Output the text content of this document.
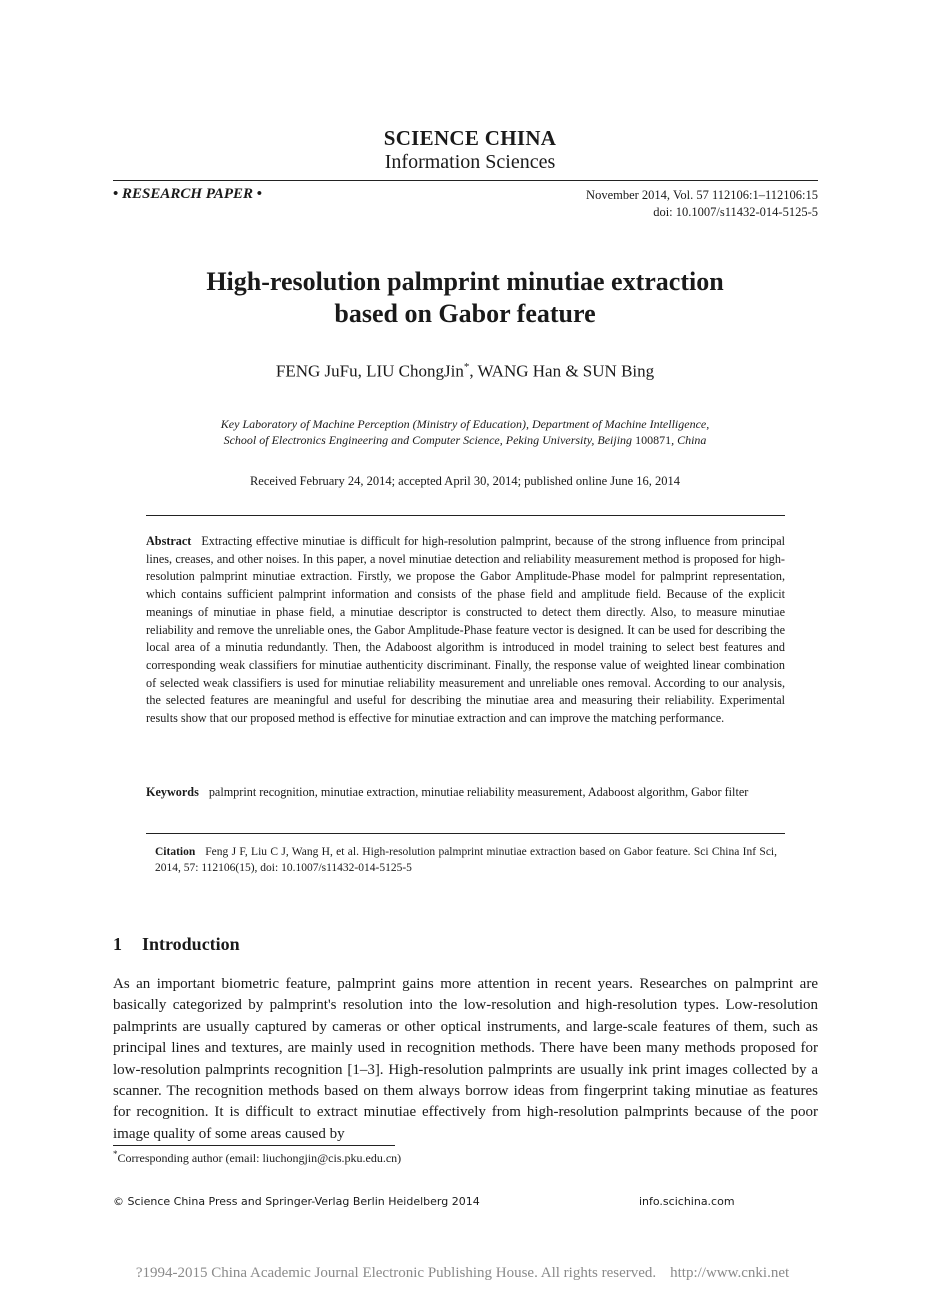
SCIENCE CHINA
Information Sciences
• RESEARCH PAPER •	November 2014, Vol. 57 112106:1–112106:15
doi: 10.1007/s11432-014-5125-5
High-resolution palmprint minutiae extraction
based on Gabor feature
FENG JuFu, LIU ChongJin*, WANG Han & SUN Bing
Key Laboratory of Machine Perception (Ministry of Education), Department of Machine Intelligence,
School of Electronics Engineering and Computer Science, Peking University, Beijing 100871, China
Received February 24, 2014; accepted April 30, 2014; published online June 16, 2014
Abstract Extracting effective minutiae is difficult for high-resolution palmprint, because of the strong influence from principal lines, creases, and other noises. In this paper, a novel minutiae detection and reliability measurement method is proposed for high-resolution palmprint minutiae extraction. Firstly, we propose the Gabor Amplitude-Phase model for palmprint representation, which contains sufficient palmprint information and consists of the phase field and amplitude field. Because of the explicit meanings of minutiae in phase field, a minutiae descriptor is constructed to detect them directly. Also, to measure minutiae reliability and remove the unreliable ones, the Gabor Amplitude-Phase feature vector is designed. It can be used for describing the local area of a minutia redundantly. Then, the Adaboost algorithm is introduced in model training to select best features and corresponding weak classifiers for minutiae authenticity discriminant. Finally, the response value of weighted linear combination of selected weak classifiers is used for minutiae reliability measurement and unreliable ones removal. According to our analysis, the selected features are meaningful and useful for describing the minutiae area and measuring their reliability. Experimental results show that our proposed method is effective for minutiae extraction and can improve the matching performance.
Keywords palmprint recognition, minutiae extraction, minutiae reliability measurement, Adaboost algorithm, Gabor filter
Citation Feng J F, Liu C J, Wang H, et al. High-resolution palmprint minutiae extraction based on Gabor feature. Sci China Inf Sci, 2014, 57: 112106(15), doi: 10.1007/s11432-014-5125-5
1 Introduction
As an important biometric feature, palmprint gains more attention in recent years. Researches on palmprint are basically categorized by palmprint's resolution into the low-resolution and high-resolution types. Low-resolution palmprints are usually captured by cameras or other optical instruments, and large-scale features of them, such as principal lines and textures, are mainly used in recognition methods. There have been many methods proposed for low-resolution palmprints recognition [1–3]. High-resolution palmprints are usually ink print images collected by a scanner. The recognition methods based on them always borrow ideas from fingerprint taking minutiae as features for recognition. It is difficult to extract minutiae effectively from high-resolution palmprints because of the poor image quality of some areas caused by
*Corresponding author (email: liuchongjin@cis.pku.edu.cn)
© Science China Press and Springer-Verlag Berlin Heidelberg 2014	info.scichina.com
?1994-2015 China Academic Journal Electronic Publishing House. All rights reserved. http://www.cnki.net
